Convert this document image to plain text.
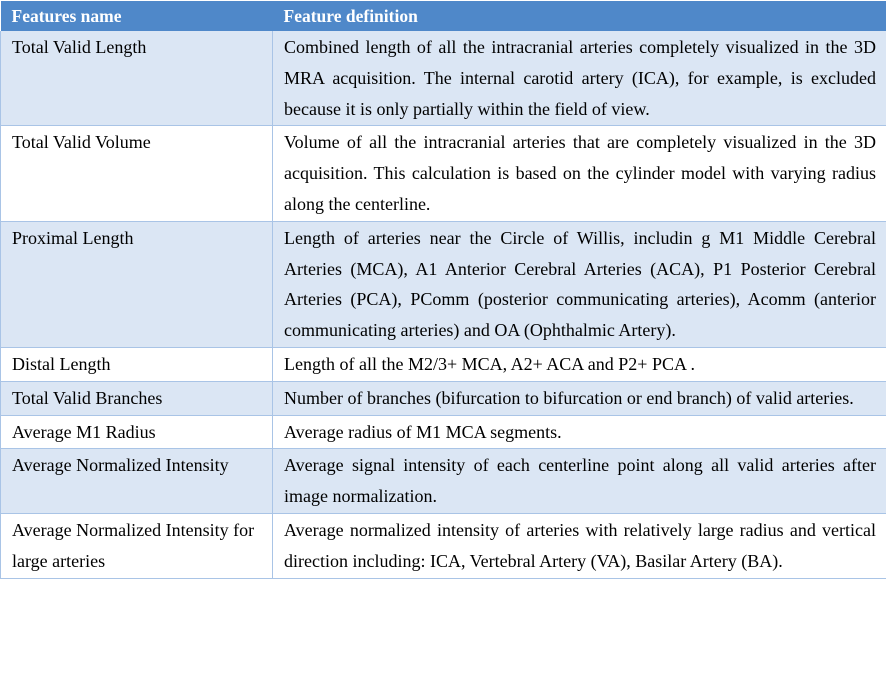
Features name	Feature definition
Total Valid Length	Combined length of all the intracranial arteries completely visualized in the 3D MRA acquisition. The internal carotid artery (ICA), for example, is excluded because it is only partially within the field of view.
Total Valid Volume	Volume of all the intracranial arteries that are completely visualized in the 3D acquisition. This calculation is based on the cylinder model with varying radius along the centerline.
Proximal Length	Length of arteries near the Circle of Willis, includin g M1 Middle Cerebral Arteries (MCA), A1 Anterior Cerebral Arteries (ACA), P1 Posterior Cerebral Arteries (PCA), PComm (posterior communicating arteries), Acomm (anterior communicating arteries) and OA (Ophthalmic Artery).
Distal Length	Length of all the M2/3+ MCA, A2+ ACA and P2+ PCA .
Total Valid Branches	Number of branches (bifurcation to bifurcation or end branch) of valid arteries.
Average M1 Radius	Average radius of M1 MCA segments.
Average Normalized Intensity	Average signal intensity of each centerline point along all valid arteries after image normalization.
Average Normalized Intensity for large arteries	Average normalized intensity of arteries with relatively large radius and vertical direction including: ICA, Vertebral Artery (VA), Basilar Artery (BA).
